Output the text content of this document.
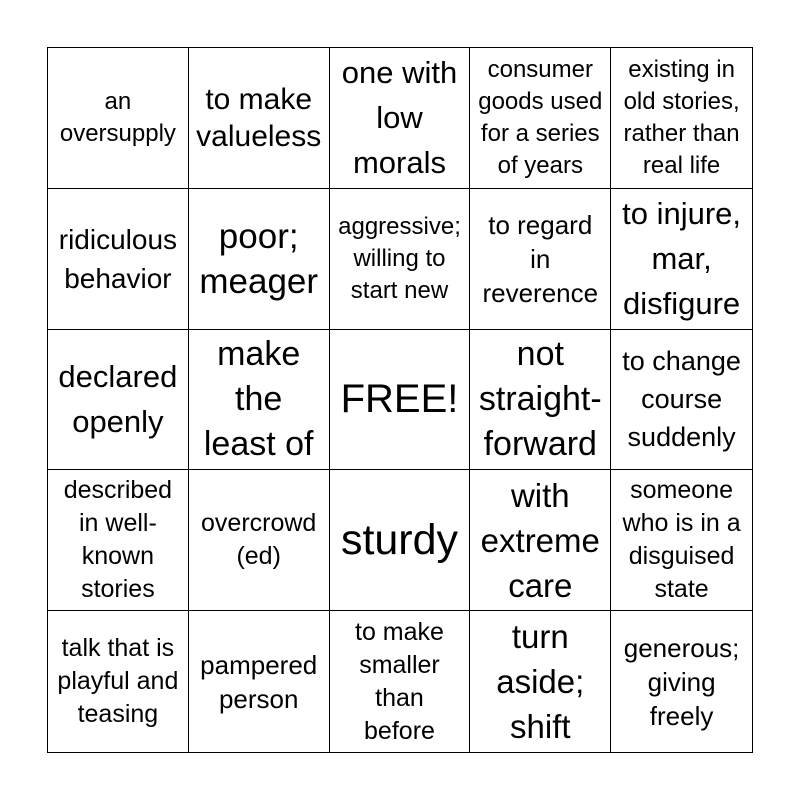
an oversupply
to make valueless
one with low morals
consumer goods used for a series of years
existing in old stories, rather than real life
ridiculous behavior
poor; meager
aggressive; willing to start new
to regard in reverence
to injure, mar, disfigure
declared openly
make the least of
FREE!
not straight-forward
to change course suddenly
described in well-known stories
overcrowd (ed)	sturdy
with extreme care
someone who is in a disguised state
talk that is playful and teasing
pampered person
to make smaller than before
turn aside; shift
generous; giving freely
